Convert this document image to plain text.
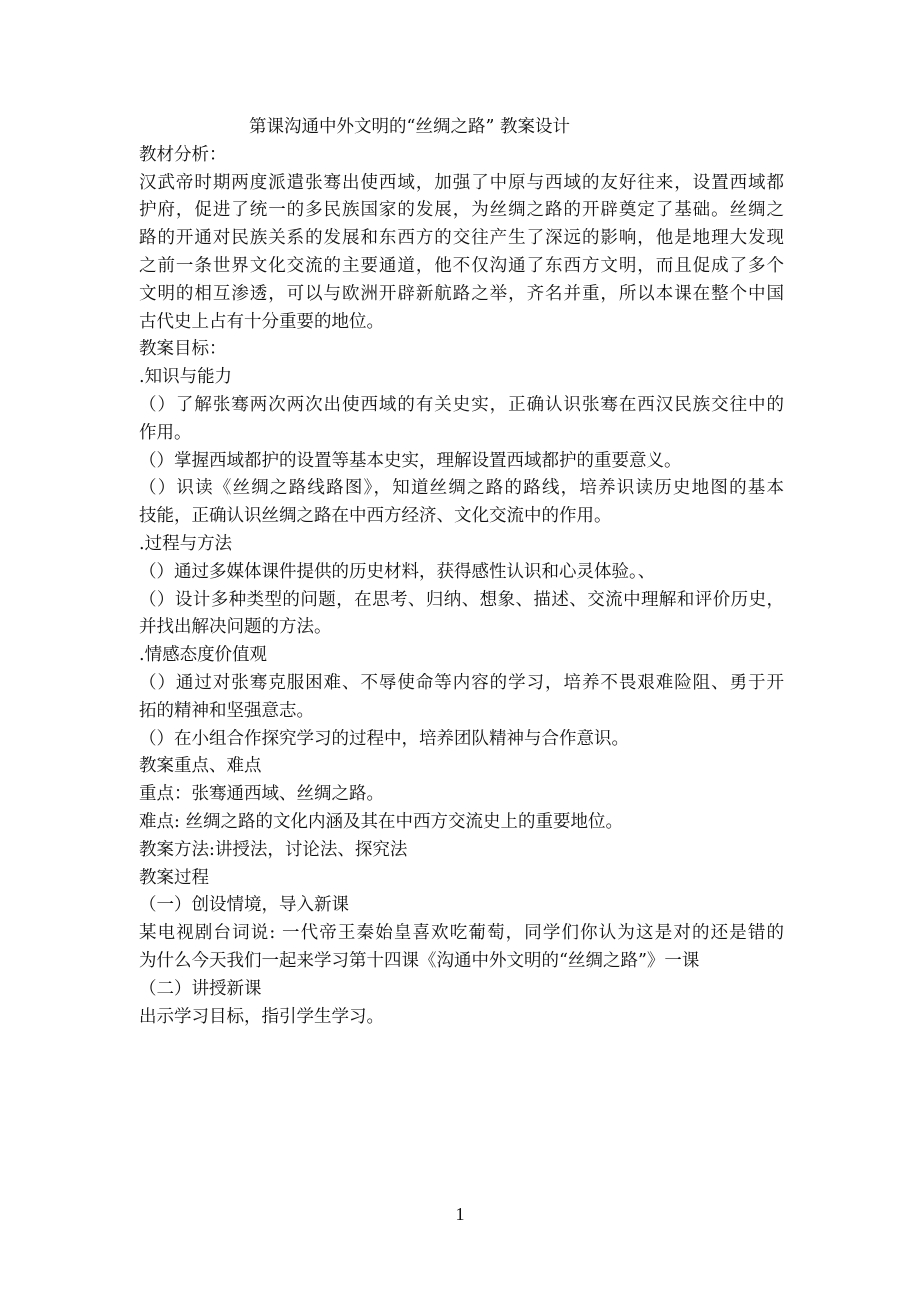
第课沟通中外文明的“丝绸之路” 教案设计
教材分析：
汉武帝时期两度派遣张骞出使西域，加强了中原与西域的友好往来，设置西域都
护府，促进了统一的多民族国家的发展，为丝绸之路的开辟奠定了基础。丝绸之
路的开通对民族关系的发展和东西方的交往产生了深远的影响，他是地理大发现
之前一条世界文化交流的主要通道，他不仅沟通了东西方文明，而且促成了多个
文明的相互渗透，可以与欧洲开辟新航路之举，齐名并重，所以本课在整个中国
古代史上占有十分重要的地位。
教案目标：
.知识与能力
（）了解张骞两次两次出使西域的有关史实，正确认识张骞在西汉民族交往中的
作用。
（）掌握西域都护的设置等基本史实，理解设置西域都护的重要意义。
（）识读《丝绸之路线路图》，知道丝绸之路的路线，培养识读历史地图的基本
技能，正确认识丝绸之路在中西方经济、文化交流中的作用。
.过程与方法
（）通过多媒体课件提供的历史材料，获得感性认识和心灵体验。、
（）设计多种类型的问题，在思考、归纳、想象、描述、交流中理解和评价历史，
并找出解决问题的方法。
.情感态度价值观
（）通过对张骞克服困难、不辱使命等内容的学习，培养不畏艰难险阻、勇于开
拓的精神和坚强意志。
（）在小组合作探究学习的过程中，培养团队精神与合作意识。
教案重点、难点
重点：张骞通西域、丝绸之路。
难点: 丝绸之路的文化内涵及其在中西方交流史上的重要地位。
教案方法:讲授法，讨论法、探究法
教案过程
（一）创设情境，导入新课
某电视剧台词说: 一代帝王秦始皇喜欢吃葡萄，同学们你认为这是对的还是错的
为什么今天我们一起来学习第十四课《沟通中外文明的“丝绸之路”》一课
（二）讲授新课
出示学习目标，指引学生学习。
1
